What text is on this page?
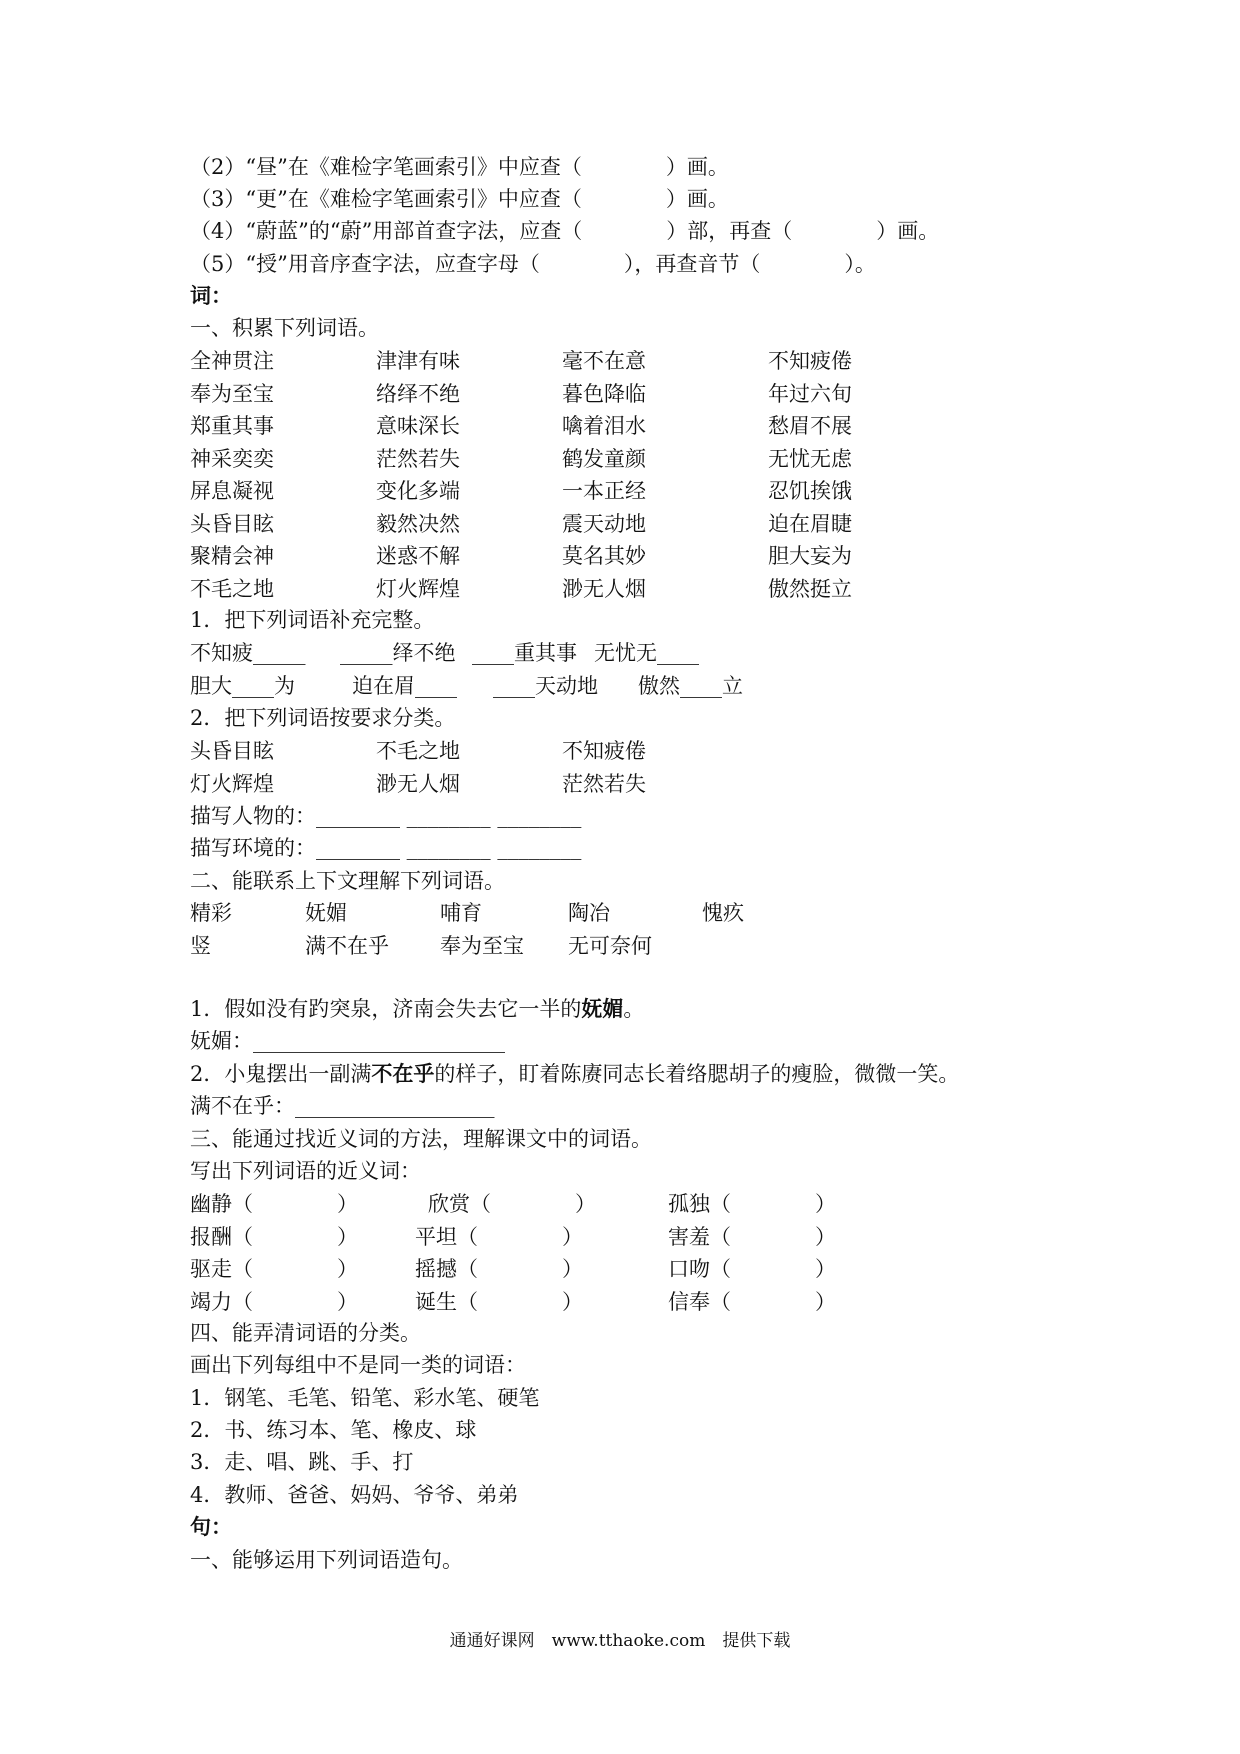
（2）“昼”在《难检字笔画索引》中应查（　　　　）画。
（3）“更”在《难检字笔画索引》中应查（　　　　）画。
（4）“蔚蓝”的“蔚”用部首查字法，应查（　　　　）部，再查（　　　　）画。
（5）“授”用音序查字法，应查字母（　　　　），再查音节（　　　　）。
词：
一、积累下列词语。
全神贯注	津津有味	毫不在意	不知疲倦
奉为至宝	络绎不绝	暮色降临	年过六旬
郑重其事	意味深长	噙着泪水	愁眉不展
神采奕奕	茫然若失	鹤发童颜	无忧无虑
屏息凝视	变化多端	一本正经	忍饥挨饿
头昏目眩	毅然决然	震天动地	迫在眉睫
聚精会神	迷惑不解	莫名其妙	胆大妄为
不毛之地	灯火辉煌	渺无人烟	傲然挺立
1．把下列词语补充完整。
不知疲_____ _____绎不绝 ____重其事 无忧无____
胆大____为	迫在眉____ ____天动地 傲然____立
2．把下列词语按要求分类。
头昏目眩	不毛之地	不知疲倦
灯火辉煌	渺无人烟	茫然若失
描写人物的：________ ________ ________
描写环境的：________ ________ ________
二、能联系上下文理解下列词语。
精彩	妩媚	哺育	陶冶	愧疚
竖	满不在乎 奉为至宝 无可奈何
1．假如没有趵突泉，济南会失去它一半的妩媚。
妩媚：________________________
2．小鬼摆出一副满不在乎的样子，盯着陈赓同志长着络腮胡子的瘦脸，微微一笑。
满不在乎：___________________
三、能通过找近义词的方法，理解课文中的词语。
写出下列词语的近义词：
幽静（　　　　）	欣赏（　　　　）	孤独（　　　　）
报酬（　　　　）	平坦（　　　　）	害羞（　　　　）
驱走（　　　　）	摇撼（　　　　）	口吻（　　　　）
竭力（　　　　）	诞生（　　　　）	信奉（　　　　）
四、能弄清词语的分类。
画出下列每组中不是同一类的词语：
1．钢笔、毛笔、铅笔、彩水笔、硬笔
2．书、练习本、笔、橡皮、球
3．走、唱、跳、手、打
4．教师、爸爸、妈妈、爷爷、弟弟
句：
一、能够运用下列词语造句。
通通好课网　www.tthaoke.com　提供下载
